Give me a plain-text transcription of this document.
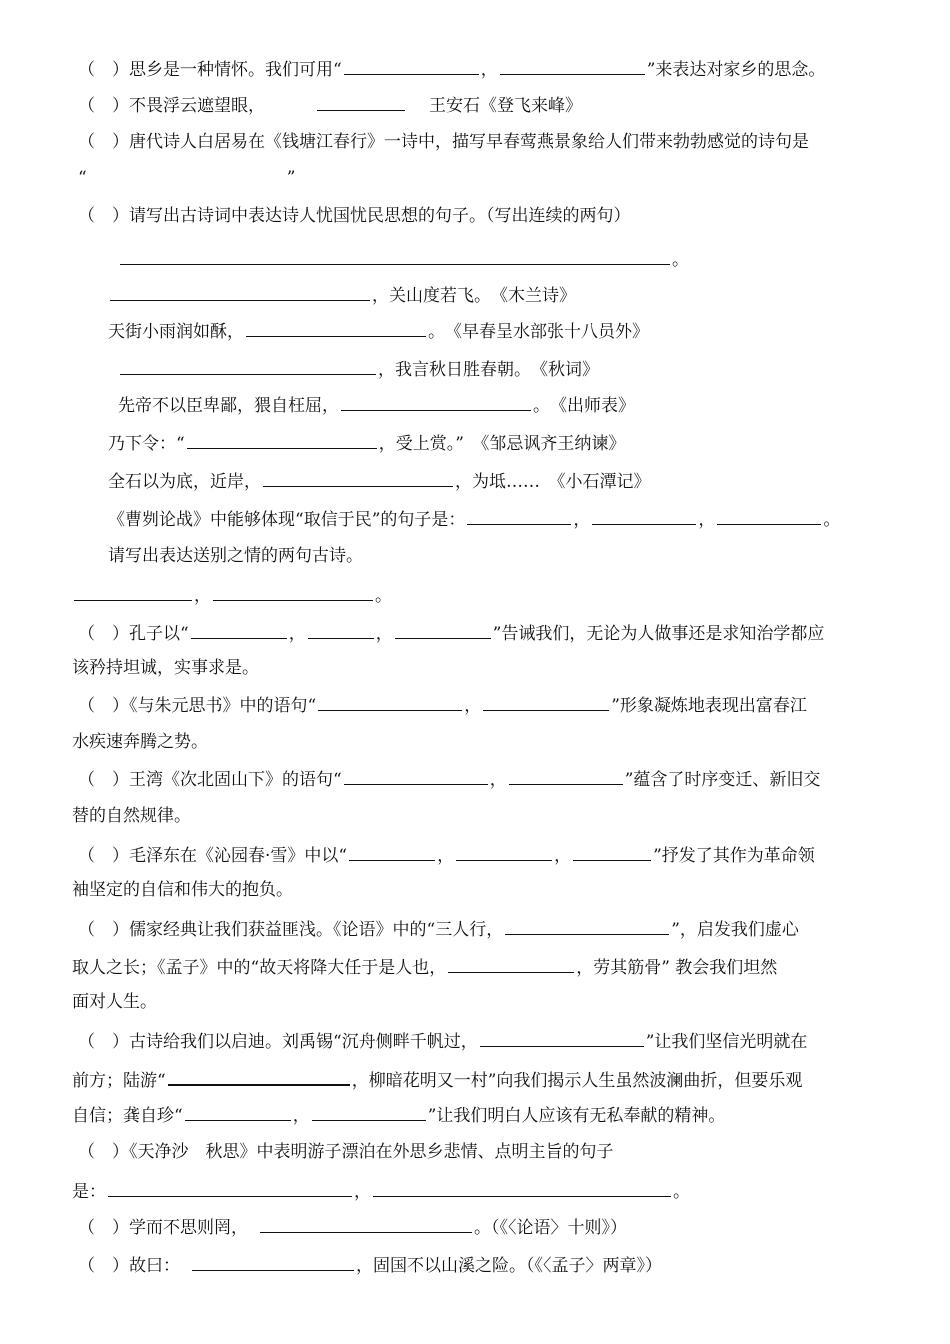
（　）思乡是一种情怀。我们可用“	，	”来表达对家乡的思念。
（　）不畏浮云遮望眼，	王安石《登飞来峰》
（　）唐代诗人白居易在《钱塘江春行》一诗中，描写早春莺燕景象给人们带来勃勃感觉的诗句是
“	”
（　）请写出古诗词中表达诗人忧国忧民思想的句子。（写出连续的两句）
。
，关山度若飞。　《木兰诗》
天街小雨润如酥，	。　《早春呈水部张十八员外》
，我言秋日胜春朝。　《秋词》
先帝不以臣卑鄙，猥自枉屈，	。　《出师表》
乃下令：“	，受上赏。”　《邹忌讽齐王纳谏》
全石以为底，近岸，	，为坻……　《小石潭记》
《曹刿论战》中能够体现“取信于民”的句子是：	，	，	。
请写出表达送别之情的两句古诗。
，	。
（　）孔子以“	，	，	”告诫我们，无论为人做事还是求知治学都应
该矜持坦诚，实事求是。
（　）《与朱元思书》中的语句“	，	”形象凝炼地表现出富春江
水疾速奔腾之势。
（　）王湾《次北固山下》的语句“	，	”蕴含了时序变迁、新旧交
替的自然规律。
（　）毛泽东在《沁园春·雪》中以“	，	，	”抒发了其作为革命领
袖坚定的自信和伟大的抱负。
（　）儒家经典让我们获益匪浅。《论语》中的“三人行，	”，启发我们虚心
取人之长；《孟子》中的“故天将降大任于是人也，	，劳其筋骨” 教会我们坦然
面对人生。
（　）古诗给我们以启迪。刘禹锡“沉舟侧畔千帆过，	”让我们坚信光明就在
前方；陆游“	，柳暗花明又一村”向我们揭示人生虽然波澜曲折，但要乐观
自信；龚自珍“	，	”让我们明白人应该有无私奉献的精神。
（　）《天净沙　秋思》中表明游子漂泊在外思乡悲情、点明主旨的句子
是：	，	。
（　）学而不思则罔，	。（《〈论语〉十则》）
（　）故曰：	，固国不以山溪之险。（《〈孟子〉两章》）
